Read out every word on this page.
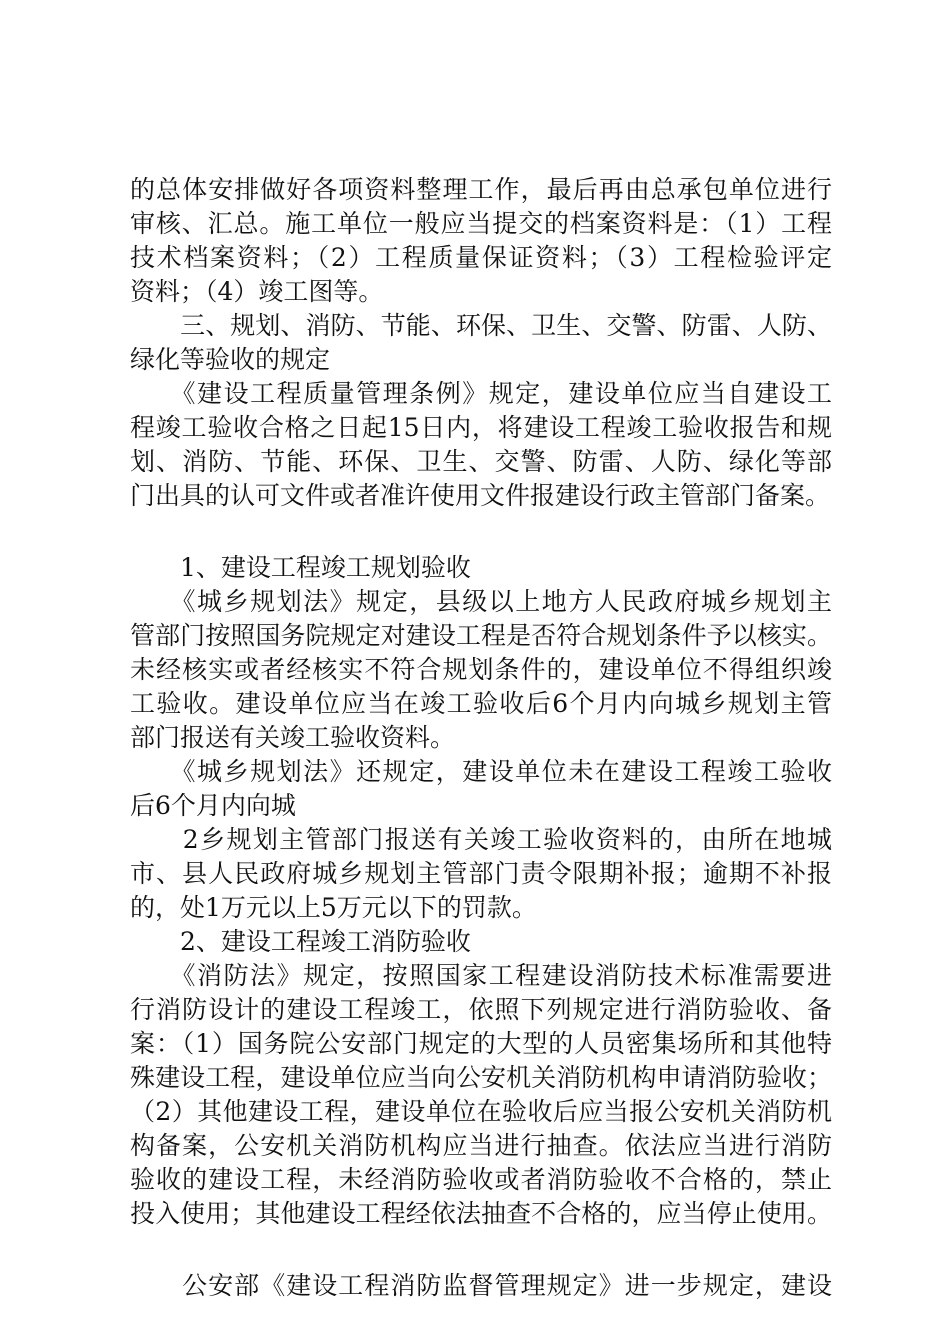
的总体安排做好各项资料整理工作，最后再由总承包单位进行
审核、汇总。施工单位一般应当提交的档案资料是：（1）工程
技术档案资料；（2）工程质量保证资料；（3）工程检验评定
资料；（4）竣工图等。
　　三、规划、消防、节能、环保、卫生、交警、防雷、人防、
绿化等验收的规定
　　《建设工程质量管理条例》规定，建设单位应当自建设工
程竣工验收合格之日起15日内，将建设工程竣工验收报告和规
划、消防、节能、环保、卫生、交警、防雷、人防、绿化等部
门出具的认可文件或者准许使用文件报建设行政主管部门备案。
　　1、建设工程竣工规划验收
　　《城乡规划法》规定，县级以上地方人民政府城乡规划主
管部门按照国务院规定对建设工程是否符合规划条件予以核实。
未经核实或者经核实不符合规划条件的，建设单位不得组织竣
工验收。建设单位应当在竣工验收后6个月内向城乡规划主管
部门报送有关竣工验收资料。
　　《城乡规划法》还规定，建设单位未在建设工程竣工验收
后6个月内向城
　　2乡规划主管部门报送有关竣工验收资料的，由所在地城
市、县人民政府城乡规划主管部门责令限期补报；逾期不补报
的，处1万元以上5万元以下的罚款。
　　2、建设工程竣工消防验收
　　《消防法》规定，按照国家工程建设消防技术标准需要进
行消防设计的建设工程竣工，依照下列规定进行消防验收、备
案：（1）国务院公安部门规定的大型的人员密集场所和其他特
殊建设工程，建设单位应当向公安机关消防机构申请消防验收；
（2）其他建设工程，建设单位在验收后应当报公安机关消防机
构备案，公安机关消防机构应当进行抽查。依法应当进行消防
验收的建设工程，未经消防验收或者消防验收不合格的，禁止
投入使用；其他建设工程经依法抽查不合格的，应当停止使用。
　　公安部《建设工程消防监督管理规定》进一步规定，建设
